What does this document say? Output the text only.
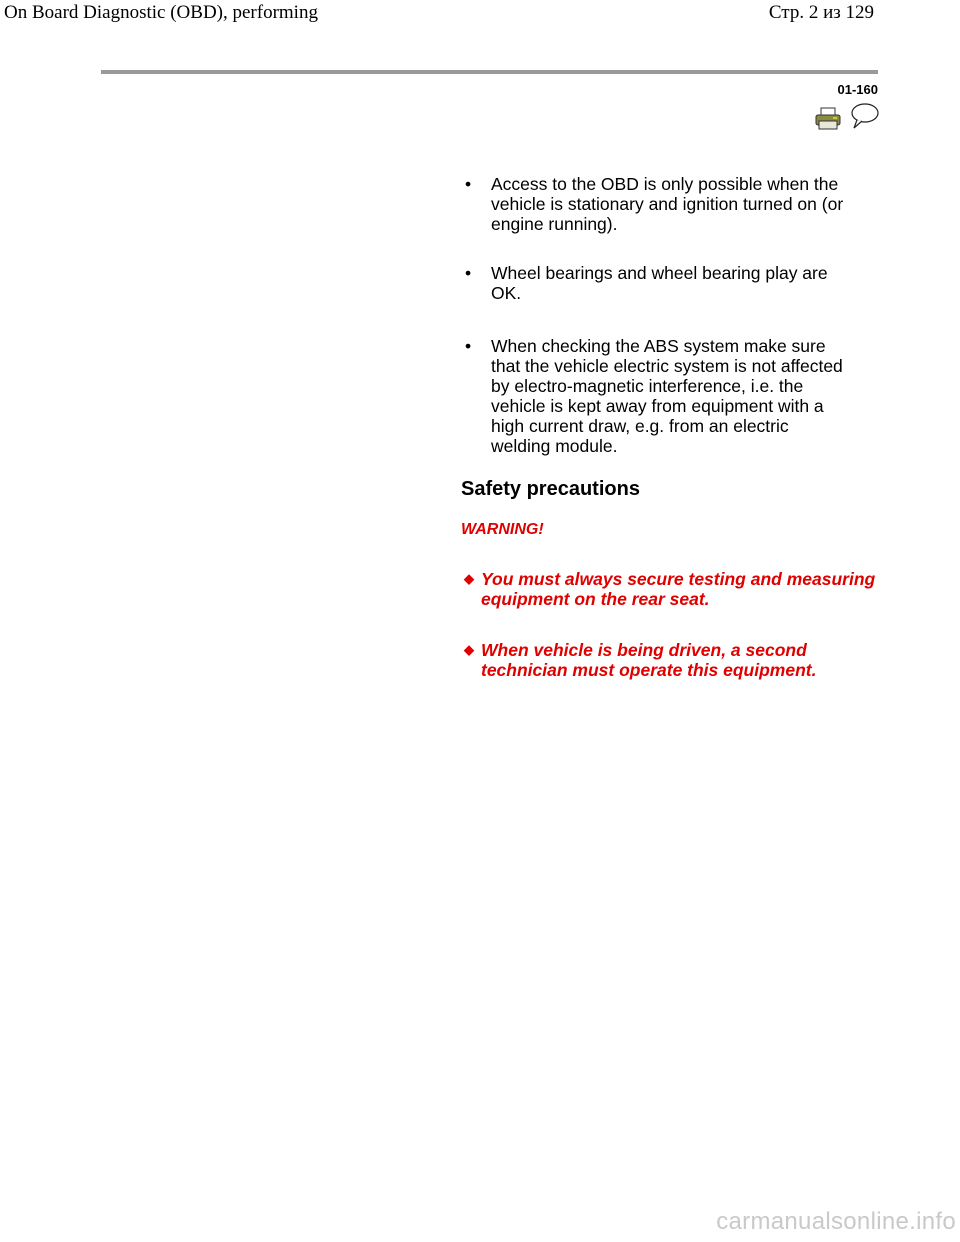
On Board Diagnostic (OBD), performing	Стр. 2 из 129
01-160
• Access to the OBD is only possible when the vehicle is stationary and ignition turned on (or engine running).
• Wheel bearings and wheel bearing play are OK.
• When checking the ABS system make sure that the vehicle electric system is not affected by electro-magnetic interference, i.e. the vehicle is kept away from equipment with a high current draw, e.g. from an electric welding module.
Safety precautions
WARNING!
◆ You must always secure testing and measuring equipment on the rear seat.
◆ When vehicle is being driven, a second technician must operate this equipment.
carmanualsonline.info
